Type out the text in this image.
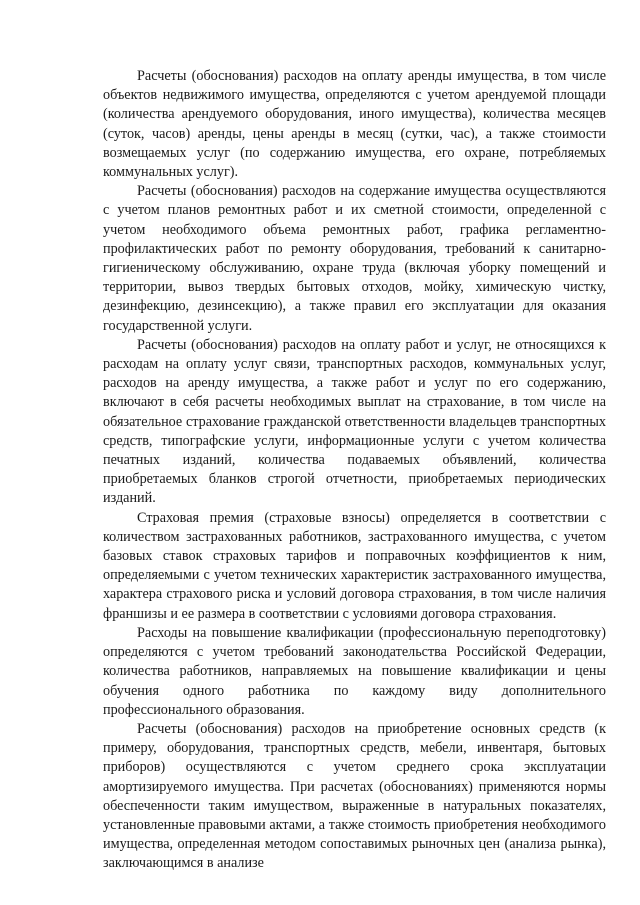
Расчеты (обоснования) расходов на оплату аренды имущества, в том числе объектов недвижимого имущества, определяются с учетом арендуемой площади (количества арендуемого оборудования, иного имущества), количества месяцев (суток, часов) аренды, цены аренды в месяц (сутки, час), а также стоимости возмещаемых услуг (по содержанию имущества, его охране, потребляемых коммунальных услуг).

Расчеты (обоснования) расходов на содержание имущества осуществляются с учетом планов ремонтных работ и их сметной стоимости, определенной с учетом необходимого объема ремонтных работ, графика регламентно-профилактических работ по ремонту оборудования, требований к санитарно-гигиеническому обслуживанию, охране труда (включая уборку помещений и территории, вывоз твердых бытовых отходов, мойку, химическую чистку, дезинфекцию, дезинсекцию), а также правил его эксплуатации для оказания государственной услуги.

Расчеты (обоснования) расходов на оплату работ и услуг, не относящихся к расходам на оплату услуг связи, транспортных расходов, коммунальных услуг, расходов на аренду имущества, а также работ и услуг по его содержанию, включают в себя расчеты необходимых выплат на страхование, в том числе на обязательное страхование гражданской ответственности владельцев транспортных средств, типографские услуги, информационные услуги с учетом количества печатных изданий, количества подаваемых объявлений, количества приобретаемых бланков строгой отчетности, приобретаемых периодических изданий.

Страховая премия (страховые взносы) определяется в соответствии с количеством застрахованных работников, застрахованного имущества, с учетом базовых ставок страховых тарифов и поправочных коэффициентов к ним, определяемыми с учетом технических характеристик застрахованного имущества, характера страхового риска и условий договора страхования, в том числе наличия франшизы и ее размера в соответствии с условиями договора страхования.

Расходы на повышение квалификации (профессиональную переподготовку) определяются с учетом требований законодательства Российской Федерации, количества работников, направляемых на повышение квалификации и цены обучения одного работника по каждому виду дополнительного профессионального образования.

Расчеты (обоснования) расходов на приобретение основных средств (к примеру, оборудования, транспортных средств, мебели, инвентаря, бытовых приборов) осуществляются с учетом среднего срока эксплуатации амортизируемого имущества. При расчетах (обоснованиях) применяются нормы обеспеченности таким имуществом, выраженные в натуральных показателях, установленные правовыми актами, а также стоимость приобретения необходимого имущества, определенная методом сопоставимых рыночных цен (анализа рынка), заключающимся в анализе
